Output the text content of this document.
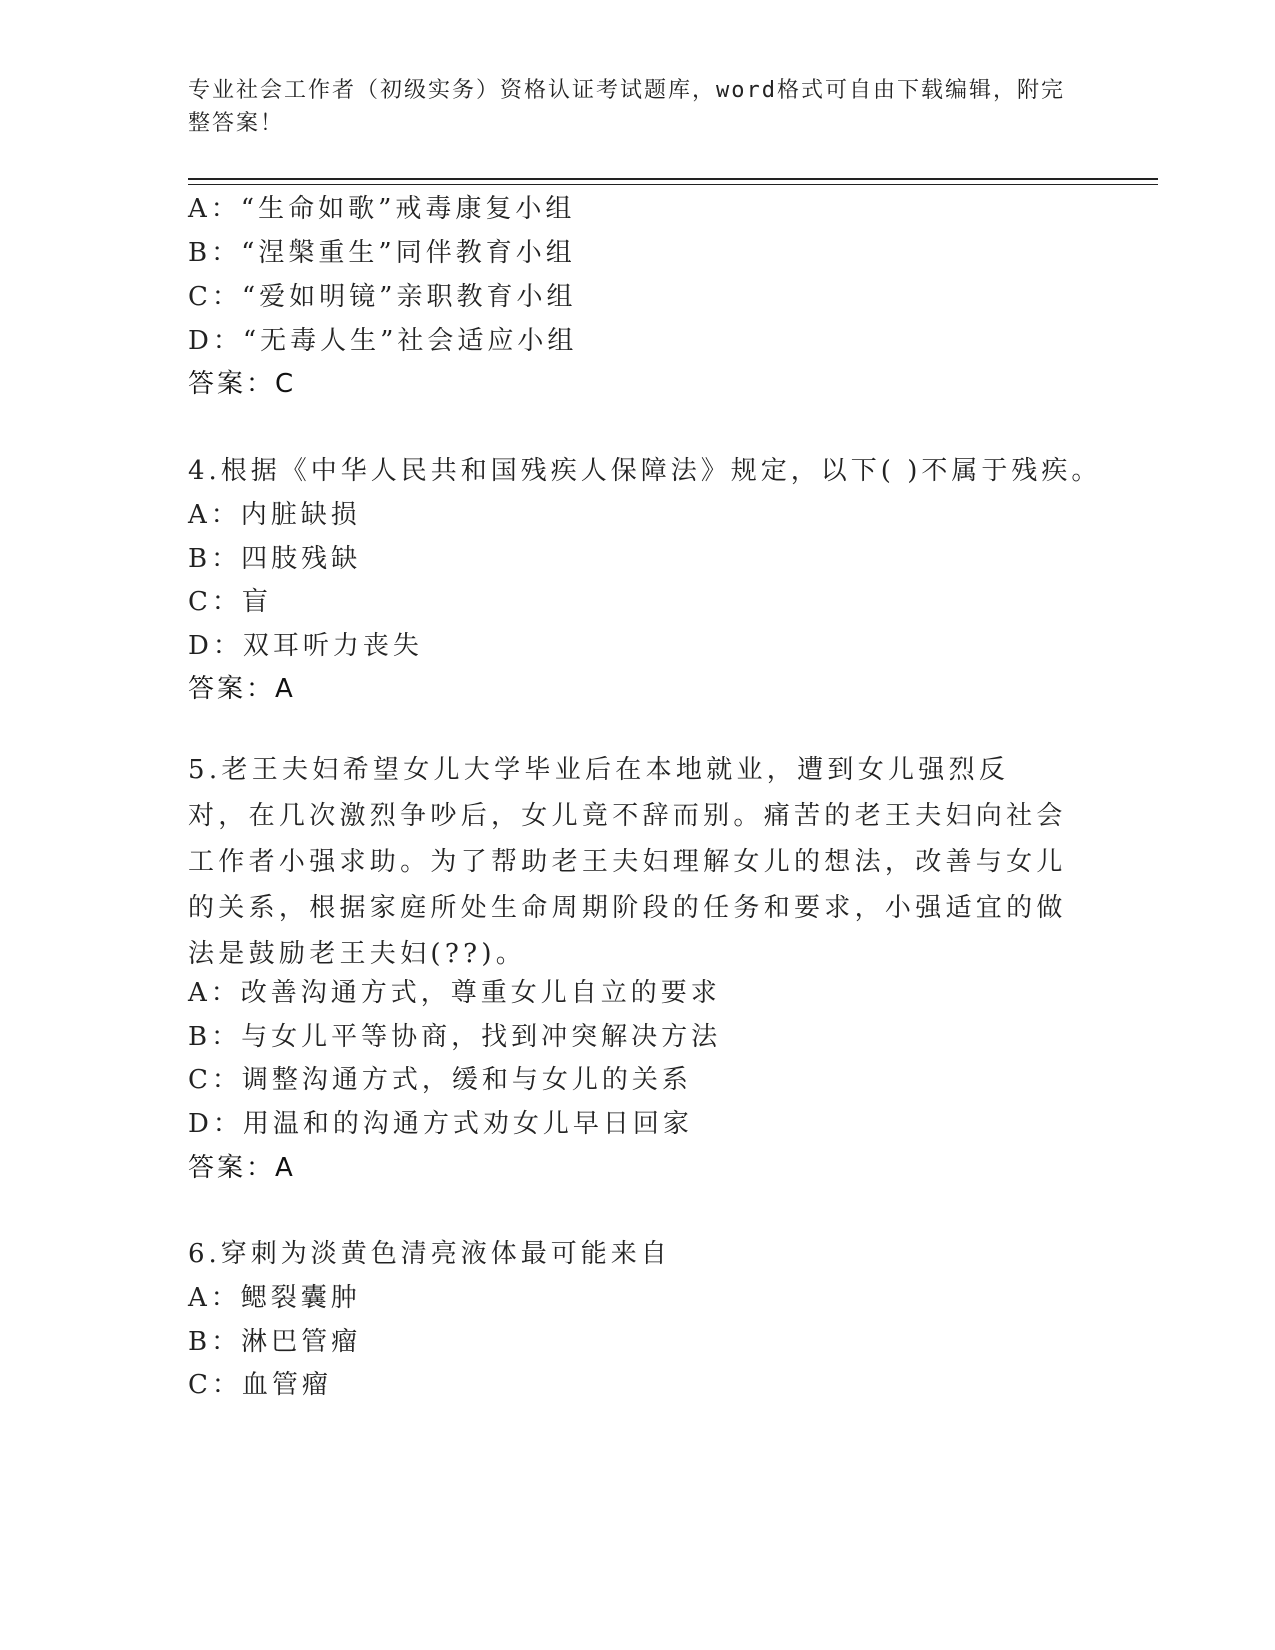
专业社会工作者（初级实务）资格认证考试题库，word格式可自由下载编辑，附完整答案！
A：“生命如歌”戒毒康复小组
B：“涅槃重生”同伴教育小组
C：“爱如明镜”亲职教育小组
D：“无毒人生”社会适应小组
答案：C
4.根据《中华人民共和国残疾人保障法》规定，以下( )不属于残疾。
A：内脏缺损
B：四肢残缺
C：盲
D：双耳听力丧失
答案：A
5.老王夫妇希望女儿大学毕业后在本地就业，遭到女儿强烈反对，在几次激烈争吵后，女儿竟不辞而别。痛苦的老王夫妇向社会工作者小强求助。为了帮助老王夫妇理解女儿的想法，改善与女儿的关系，根据家庭所处生命周期阶段的任务和要求，小强适宜的做法是鼓励老王夫妇(??)。
A：改善沟通方式，尊重女儿自立的要求
B：与女儿平等协商，找到冲突解决方法
C：调整沟通方式，缓和与女儿的关系
D：用温和的沟通方式劝女儿早日回家
答案：A
6.穿刺为淡黄色清亮液体最可能来自
A：鳃裂囊肿
B：淋巴管瘤
C：血管瘤
